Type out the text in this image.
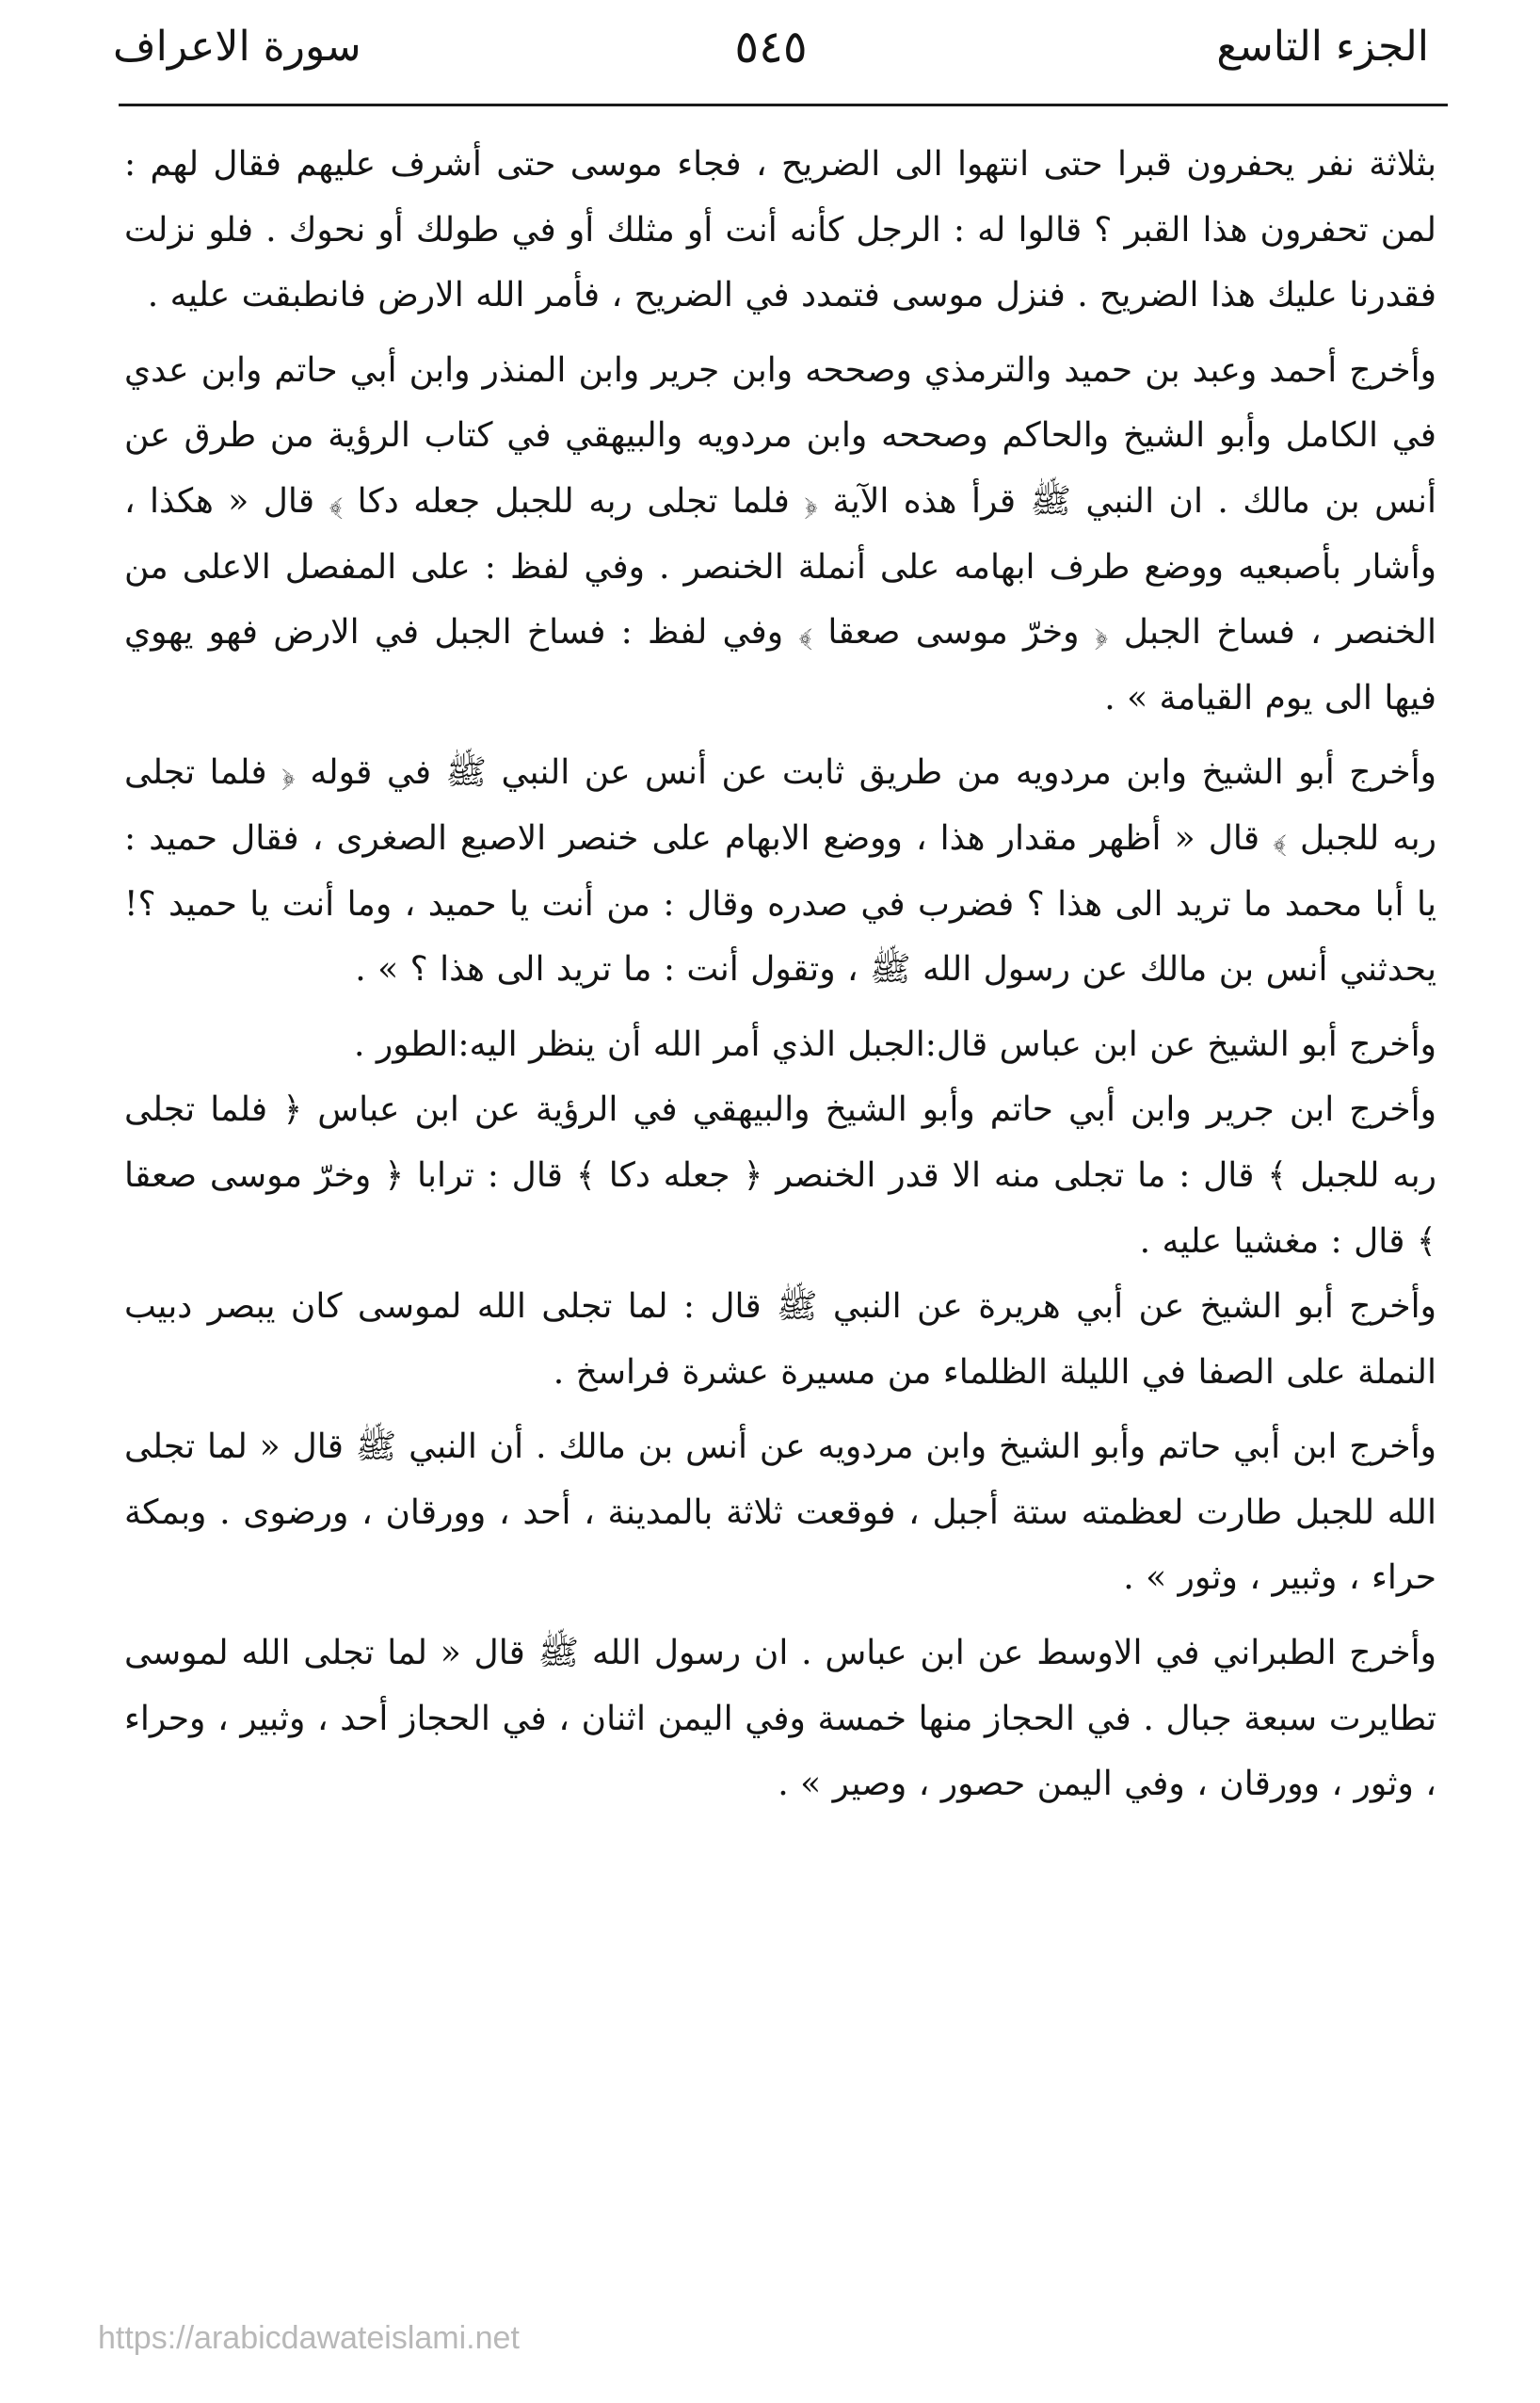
الجزء التاسع
٥٤٥
سورة الاعراف

بثلاثة نفر يحفرون قبرا حتى انتهوا الى الضريح ، فجاء موسى حتى أشرف عليهم فقال لهم : لمن تحفرون هذا القبر ؟ قالوا له : الرجل كأنه أنت أو مثلك أو في طولك أو نحوك . فلو نزلت فقدرنا عليك هذا الضريح . فنزل موسى فتمدد في الضريح ، فأمر الله الارض فانطبقت عليه .

وأخرج أحمد وعبد بن حميد والترمذي وصححه وابن جرير وابن المنذر وابن أبي حاتم وابن عدي في الكامل وأبو الشيخ والحاكم وصححه وابن مردويه والبيهقي في كتاب الرؤية من طرق عن أنس بن مالك . ان النبي ﷺ قرأ هذه الآية ﴿ فلما تجلى ربه للجبل جعله دكا ﴾ قال « هكذا ، وأشار بأصبعيه ووضع طرف ابهامه على أنملة الخنصر . وفي لفظ : على المفصل الاعلى من الخنصر ، فساخ الجبل ﴿ وخرّ موسى صعقا ﴾ وفي لفظ : فساخ الجبل في الارض فهو يهوي فيها الى يوم القيامة » .

وأخرج أبو الشيخ وابن مردويه من طريق ثابت عن أنس عن النبي ﷺ في قوله ﴿ فلما تجلى ربه للجبل ﴾ قال « أظهر مقدار هذا ، ووضع الابهام على خنصر الاصبع الصغرى ، فقال حميد : يا أبا محمد ما تريد الى هذا ؟ فضرب في صدره وقال : من أنت يا حميد ، وما أنت يا حميد ؟! يحدثني أنس بن مالك عن رسول الله ﷺ ، وتقول أنت : ما تريد الى هذا ؟ » .

وأخرج أبو الشيخ عن ابن عباس قال:الجبل الذي أمر الله أن ينظر اليه:الطور .

وأخرج ابن جرير وابن أبي حاتم وأبو الشيخ والبيهقي في الرؤية عن ابن عباس ﴿ فلما تجلى ربه للجبل ﴾ قال : ما تجلى منه الا قدر الخنصر ﴿ جعله دكا ﴾ قال : ترابا ﴿ وخرّ موسى صعقا ﴾ قال : مغشيا عليه .

وأخرج أبو الشيخ عن أبي هريرة عن النبي ﷺ قال : لما تجلى الله لموسى كان يبصر دبيب النملة على الصفا في الليلة الظلماء من مسيرة عشرة فراسخ .

وأخرج ابن أبي حاتم وأبو الشيخ وابن مردويه عن أنس بن مالك . أن النبي ﷺ قال « لما تجلى الله للجبل طارت لعظمته ستة أجبل ، فوقعت ثلاثة بالمدينة ، أحد ، وورقان ، ورضوى . وبمكة حراء ، وثبير ، وثور » .

وأخرج الطبراني في الاوسط عن ابن عباس . ان رسول الله ﷺ قال « لما تجلى الله لموسى تطايرت سبعة جبال . في الحجاز منها خمسة وفي اليمن اثنان ، في الحجاز أحد ، وثبير ، وحراء ، وثور ، وورقان ، وفي اليمن حصور ، وصير » .

https://arabicdawateislami.net
